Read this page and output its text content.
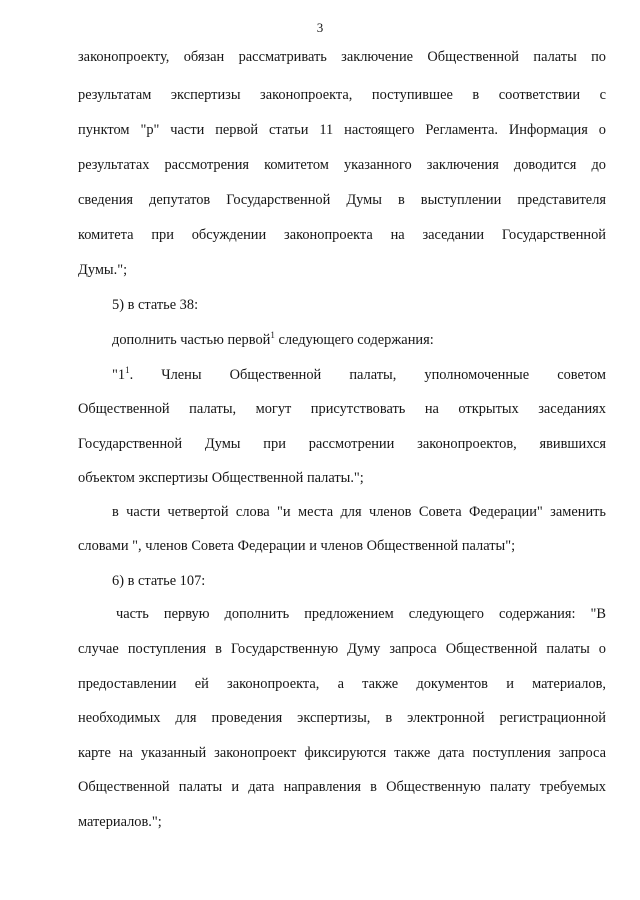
3
законопроекту, обязан рассматривать заключение Общественной палаты по
результатам экспертизы законопроекта, поступившее в соответствии с
пунктом "р" части первой статьи 11 настоящего Регламента. Информация о
результатах рассмотрения комитетом указанного заключения доводится до
сведения депутатов Государственной Думы в выступлении представителя
комитета при обсуждении законопроекта на заседании Государственной
Думы.";
5) в статье 38:
дополнить частью первой$^1$ следующего содержания:
"$1^1$. Члены Общественной палаты, уполномоченные советом
Общественной палаты, могут присутствовать на открытых заседаниях
Государственной Думы при рассмотрении законопроектов, явившихся
объектом экспертизы Общественной палаты.";
в части четвертой слова "и места для членов Совета Федерации" заменить
словами ", членов Совета Федерации и членов Общественной палаты";
6) в статье 107:
часть первую дополнить предложением следующего содержания: "В
случае поступления в Государственную Думу запроса Общественной палаты о
предоставлении ей законопроекта, а также документов и материалов,
необходимых для проведения экспертизы, в электронной регистрационной
карте на указанный законопроект фиксируются также дата поступления запроса
Общественной палаты и дата направления в Общественную палату требуемых
материалов.";
